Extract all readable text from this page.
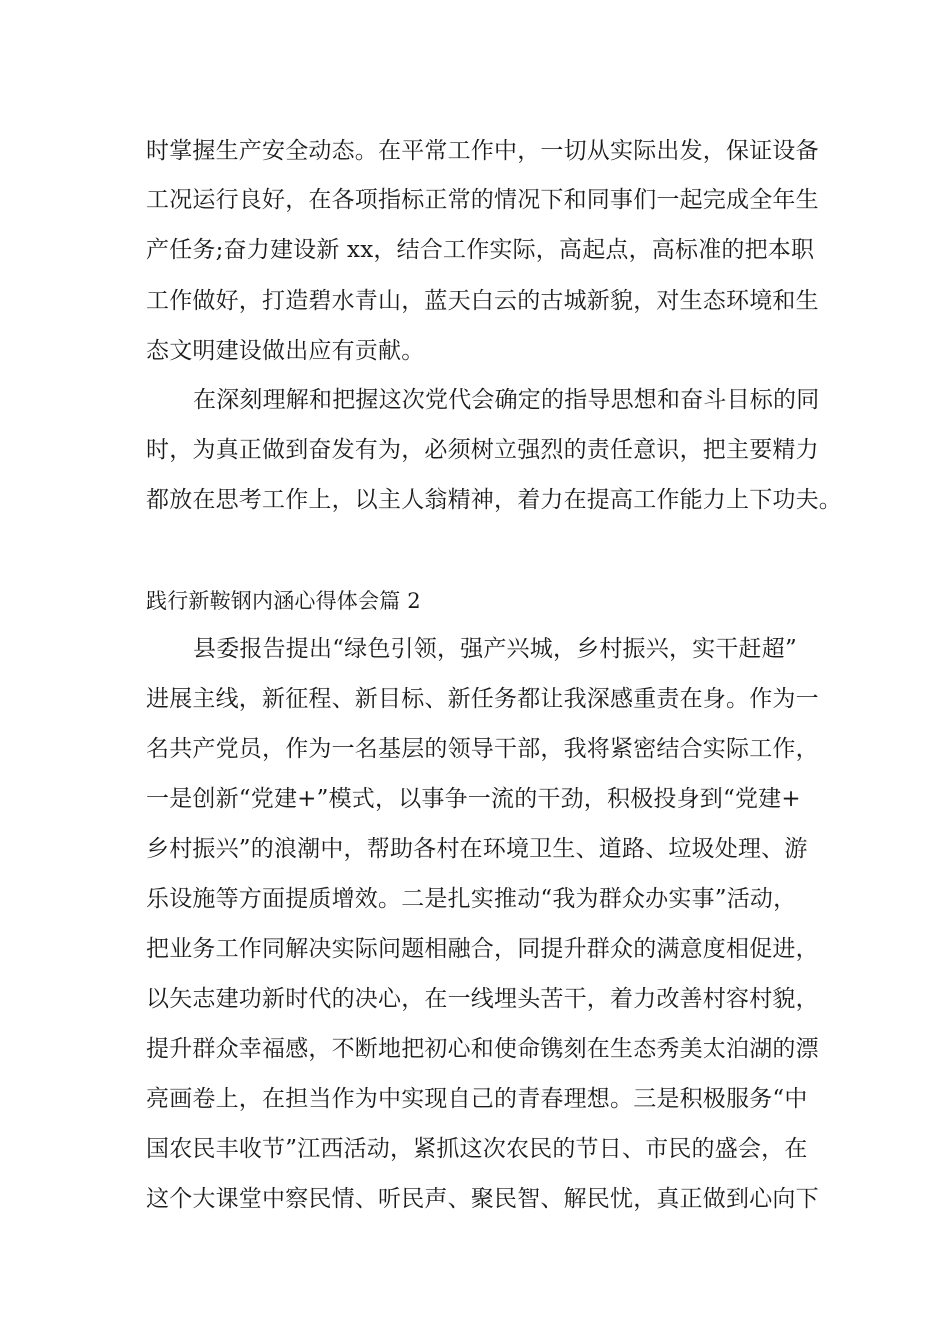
时掌握生产安全动态。在平常工作中，一切从实际出发，保证设备
工况运行良好，在各项指标正常的情况下和同事们一起完成全年生
产任务;奋力建设新 xx，结合工作实际，高起点，高标准的把本职
工作做好，打造碧水青山，蓝天白云的古城新貌，对生态环境和生
态文明建设做出应有贡献。
在深刻理解和把握这次党代会确定的指导思想和奋斗目标的同
时，为真正做到奋发有为，必须树立强烈的责任意识，把主要精力
都放在思考工作上，以主人翁精神，着力在提高工作能力上下功夫。
践行新鞍钢内涵心得体会篇 2
县委报告提出“绿色引领，强产兴城，乡村振兴，实干赶超”
进展主线，新征程、新目标、新任务都让我深感重责在身。作为一
名共产党员，作为一名基层的领导干部，我将紧密结合实际工作，
一是创新“党建+”模式，以事争一流的干劲，积极投身到“党建+
乡村振兴”的浪潮中，帮助各村在环境卫生、道路、垃圾处理、游
乐设施等方面提质增效。二是扎实推动“我为群众办实事”活动，
把业务工作同解决实际问题相融合，同提升群众的满意度相促进，
以矢志建功新时代的决心，在一线埋头苦干，着力改善村容村貌，
提升群众幸福感，不断地把初心和使命镌刻在生态秀美太泊湖的漂
亮画卷上，在担当作为中实现自己的青春理想。三是积极服务“中
国农民丰收节”江西活动，紧抓这次农民的节日、市民的盛会，在
这个大课堂中察民情、听民声、聚民智、解民忧，真正做到心向下
